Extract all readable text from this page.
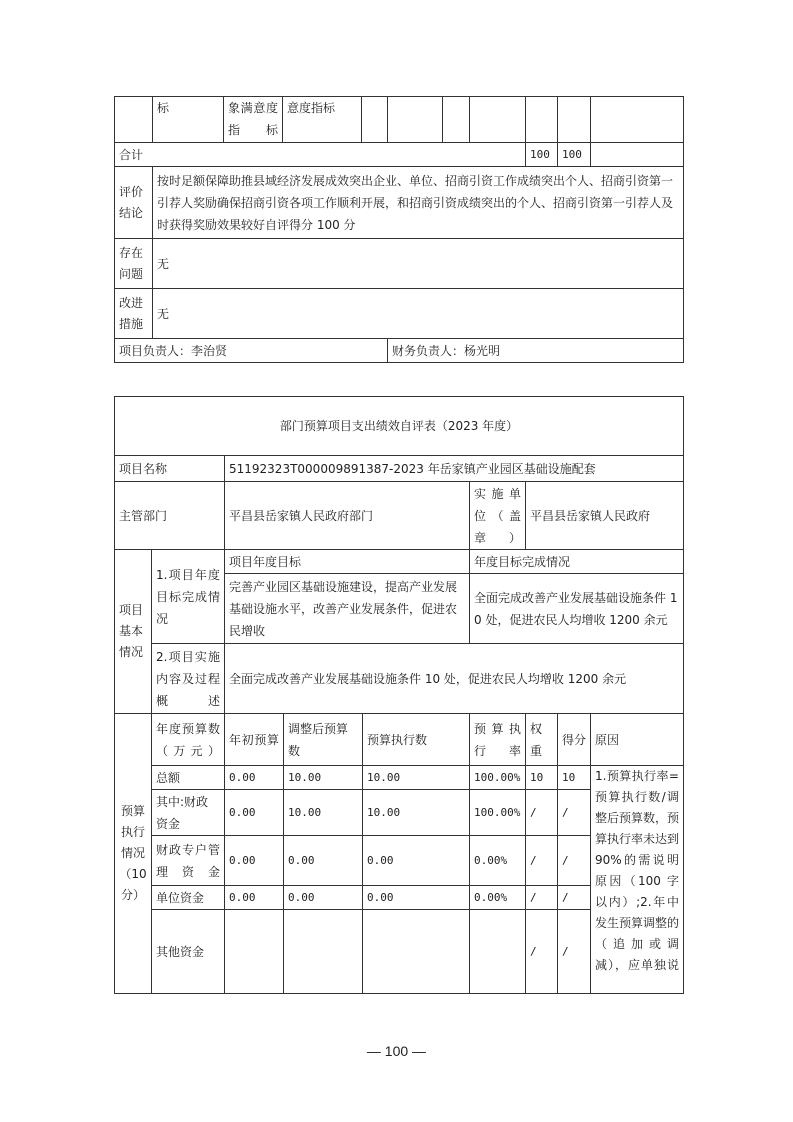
	标	象满意度指标	意度指标							
合计								100	100	
评价结论	按时足额保障助推县域经济发展成效突出企业、单位、招商引资工作成绩突出个人、招商引资第一引荐人奖励确保招商引资各项工作顺利开展，和招商引资成绩突出的个人、招商引资第一引荐人及时获得奖励效果较好自评得分 100 分									
存在问题	无									
改进措施	无									
项目负责人：李治贤					财务负责人：杨光明					
部门预算项目支出绩效自评表（2023 年度）								
项目名称		51192323T000009891387-2023 年岳家镇产业园区基础设施配套						
主管部门		平昌县岳家镇人民政府部门			实施单位（盖章）	平昌县岳家镇人民政府		
项目基本情况	1.项目年度目标完成情况	项目年度目标			年度目标完成情况			
		完善产业园区基础设施建设，提高产业发展基础设施水平，改善产业发展条件，促进农民增收			全面完成改善产业发展基础设施条件 10 处，促进农民人均增收 1200 余元			
	2.项目实施内容及过程概述	全面完成改善产业发展基础设施条件 10 处，促进农民人均增收 1200 余元						
预算执行情况（10分）	年度预算数（万元）	年初预算	调整后预算数	预算执行数	预算执行率	权重	得分	原因
	总额	0.00	10.00	10.00	100.00%	10	10	1.预算执行率=预算执行数/调整后预算数，预算执行率未达到 90%的需说明原因（100 字以内）;2.年中发生预算调整的（追加或调减），应单独说
	其中:财政资金	0.00	10.00	10.00	100.00%	/	/	
	财政专户管理资金	0.00	0.00	0.00	0.00%	/	/	
	单位资金	0.00	0.00	0.00	0.00%	/	/	
	其他资金					/	/	
— 100 —
